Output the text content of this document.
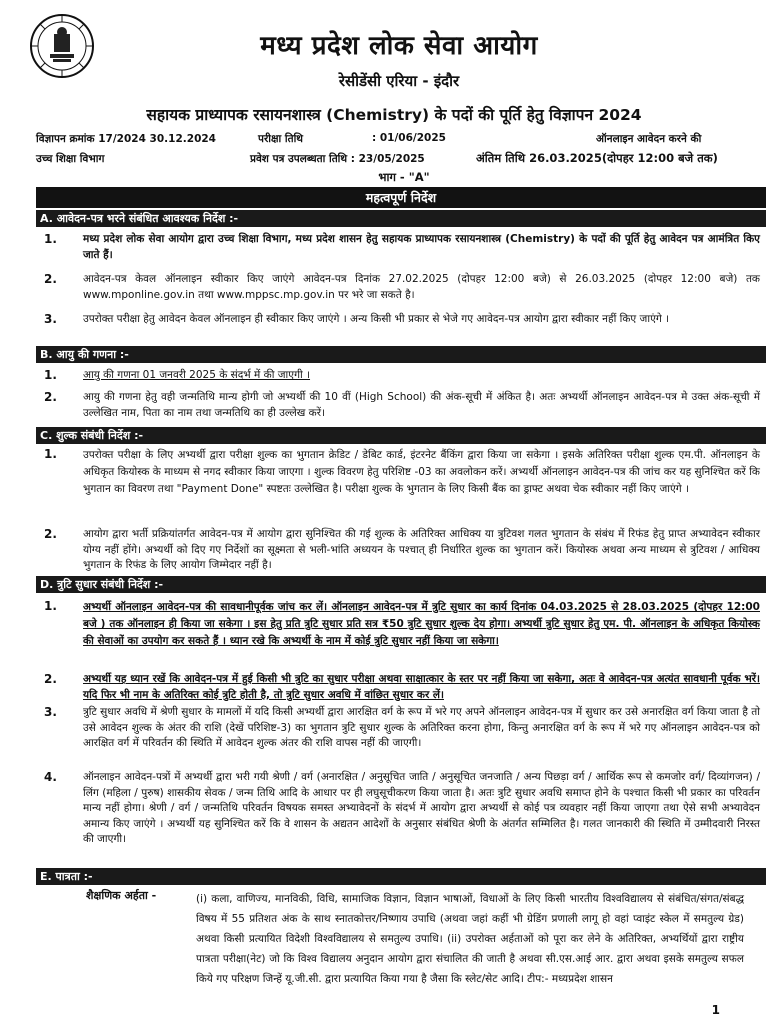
मध्य प्रदेश लोक सेवा आयोग
रेसीडेंसी एरिया - इंदौर
सहायक प्राध्यापक रसायनशास्त्र (Chemistry) के पदों की पूर्ति हेतु विज्ञापन 2024
विज्ञापन क्रमांक 17/2024 30.12.2024	परीक्षा तिथि	: 01/06/2025	ऑनलाइन आवेदन करने की
उच्च शिक्षा विभाग	प्रवेश पत्र उपलब्धता तिथि : 23/05/2025	अंतिम तिथि 26.03.2025(दोपहर 12:00 बजे तक)
भाग - "A"
महत्वपूर्ण निर्देश
A. आवेदन-पत्र भरने संबंधित आवश्यक निर्देश :-
1. मध्य प्रदेश लोक सेवा आयोग द्वारा उच्च शिक्षा विभाग, मध्य प्रदेश शासन हेतु सहायक प्राध्यापक रसायनशास्त्र (Chemistry) के पदों की पूर्ति हेतु आवेदन पत्र आमंत्रित किए जाते हैं।
2. आवेदन-पत्र केवल ऑनलाइन स्वीकार किए जाएंगे आवेदन-पत्र दिनांक 27.02.2025 (दोपहर 12:00 बजे) से 26.03.2025 (दोपहर 12:00 बजे) तक www.mponline.gov.in तथा www.mppsc.mp.gov.in पर भरे जा सकते है।
3. उपरोक्त परीक्षा हेतु आवेदन केवल ऑनलाइन ही स्वीकार किए जाएंगे । अन्य किसी भी प्रकार से भेजे गए आवेदन-पत्र आयोग द्वारा स्वीकार नहीं किए जाएंगे ।
B. आयु की गणना :-
1. आयु की गणना 01 जनवरी 2025 के संदर्भ में की जाएगी ।
2. आयु की गणना हेतु वही जन्मतिथि मान्य होगी जो अभ्यर्थी की 10 वीं (High School) की अंक-सूची में अंकित है। अतः अभ्यर्थी ऑनलाइन आवेदन-पत्र मे उक्त अंक-सूची में उल्लेखित नाम, पिता का नाम तथा जन्मतिथि का ही उल्लेख करें।
C. शुल्क संबंधी निर्देश :-
1. उपरोक्त परीक्षा के लिए अभ्यर्थी द्वारा परीक्षा शुल्क का भुगतान क्रेडिट / डेबिट कार्ड, इंटरनेट बैंकिंग द्वारा किया जा सकेगा । इसके अतिरिक्त परीक्षा शुल्क एम.पी. ऑनलाइन के अधिकृत कियोस्क के माध्यम से नगद स्वीकार किया जाएगा । शुल्क विवरण हेतु परिशिष्ट -03 का अवलोकन करें। अभ्यर्थी ऑनलाइन आवेदन-पत्र की जांच कर यह सुनिश्चित करें कि भुगतान का विवरण तथा "Payment Done" स्पष्टतः उल्लेखित है। परीक्षा शुल्क के भुगतान के लिए किसी बैंक का ड्राफ्ट अथवा चेक स्वीकार नहीं किए जाएंगे ।
2. आयोग द्वारा भर्ती प्रक्रियांतर्गत आवेदन-पत्र में आयोग द्वारा सुनिश्चित की गई शुल्क के अतिरिक्त आधिक्य या त्रुटिवश गलत भुगतान के संबंध में रिफंड हेतु प्राप्त अभ्यावेदन स्वीकार योग्य नहीं होंगे। अभ्यर्थी को दिए गए निर्देशों का सूक्ष्मता से भली-भांति अध्ययन के पश्चात् ही निर्धारित शुल्क का भुगतान करें। कियोस्क अथवा अन्य माध्यम से त्रुटिवश / आधिक्य भुगतान के रिफंड के लिए आयोग जिम्मेदार नहीं है।
D. त्रुटि सुधार संबंधी निर्देश :-
1. अभ्यर्थी ऑनलाइन आवेदन-पत्र की सावधानीपूर्वक जांच कर लें। ऑनलाइन आवेदन-पत्र में त्रुटि सुधार का कार्य दिनांक 04.03.2025 से 28.03.2025 (दोपहर 12:00 बजे ) तक ऑनलाइन ही किया जा सकेगा । इस हेतु प्रति त्रुटि सुधार प्रति सत्र ₹50 त्रुटि सुधार शुल्क देय होगा। अभ्यर्थी त्रुटि सुधार हेतु एम. पी. ऑनलाइन के अधिकृत कियोस्क की सेवाओं का उपयोग कर सकते हैं । ध्यान रखे कि अभ्यर्थी के नाम में कोई त्रुटि सुधार नहीं किया जा सकेगा।
2. अभ्यर्थी यह ध्यान रखें कि आवेदन-पत्र में हुई किसी भी त्रुटि का सुधार परीक्षा अथवा साक्षात्कार के स्तर पर नहीं किया जा सकेगा, अतः वे आवेदन-पत्र अत्यंत सावधानी पूर्वक भरें। यदि फिर भी नाम के अतिरिक्त कोई त्रुटि होती है, तो त्रुटि सुधार अवधि में वांछित सुधार कर लें।
3. त्रुटि सुधार अवधि में श्रेणी सुधार के मामलों में यदि किसी अभ्यर्थी द्वारा आरक्षित वर्ग के रूप में भरे गए अपने ऑनलाइन आवेदन-पत्र में सुधार कर उसे अनारक्षित वर्ग किया जाता है तो उसे आवेदन शुल्क के अंतर की राशि (देखें परिशिष्ट-3) का भुगतान त्रुटि सुधार शुल्क के अतिरिक्त करना होगा, किन्तु अनारक्षित वर्ग के रूप में भरे गए ऑनलाइन आवेदन-पत्र को आरक्षित वर्ग में परिवर्तन की स्थिति में आवेदन शुल्क अंतर की राशि वापस नहीं की जाएगी।
4. ऑनलाइन आवेदन-पत्रों में अभ्यर्थी द्वारा भरी गयी श्रेणी / वर्ग (अनारक्षित / अनुसूचित जाति / अनुसूचित जनजाति / अन्य पिछड़ा वर्ग / आर्थिक रूप से कमजोर वर्ग/ दिव्यांगजन) / लिंग (महिला / पुरुष) शासकीय सेवक / जन्म तिथि आदि के आधार पर ही लघुसूचीकरण किया जाता है। अतः त्रुटि सुधार अवधि समाप्त होने के पश्चात किसी भी प्रकार का परिवर्तन मान्य नहीं होगा। श्रेणी / वर्ग / जन्मतिथि परिवर्तन विषयक समस्त अभ्यावेदनों के संदर्भ में आयोग द्वारा अभ्यर्थी से कोई पत्र व्यवहार नहीं किया जाएगा तथा ऐसे सभी अभ्यावेदन अमान्य किए जाएंगे । अभ्यर्थी यह सुनिश्चित करें कि वे शासन के अद्यतन आदेशों के अनुसार संबंधित श्रेणी के अंतर्गत सम्मिलित है। गलत जानकारी की स्थिति में उम्मीदवारी निरस्त की जाएगी।
E. पात्रता :-
शैक्षणिक अर्हता -	(i) कला, वाणिज्य, मानविकी, विधि, सामाजिक विज्ञान, विज्ञान भाषाओं, विधाओं के लिए किसी भारतीय विश्वविद्यालय से संबंधित/संगत/संबद्ध विषय में 55 प्रतिशत अंक के साथ स्नातकोत्तर/निष्णाय उपाधि (अथवा जहां कहीं भी ग्रेडिंग प्रणाली लागू हो वहां प्वाइंट स्केल में समतुल्य ग्रेड) अथवा किसी प्रत्यायित विदेशी विश्वविद्यालय से समतुल्य उपाधि। (ii) उपरोक्त अर्हताओं को पूरा कर लेने के अतिरिक्त, अभ्यर्थियों द्वारा राष्ट्रीय पात्रता परीक्षा(नेट) जो कि विश्व विद्यालय अनुदान आयोग द्वारा संचालित की जाती है अथवा सी.एस.आई आर. द्वारा अथवा इसके समतुल्य सफल किये गए परिक्षण जिन्हें यू.जी.सी. द्वारा प्रत्यायित किया गया है जैसा कि स्लेट/सेट आदि। टीप:- मध्यप्रदेश शासन
1
